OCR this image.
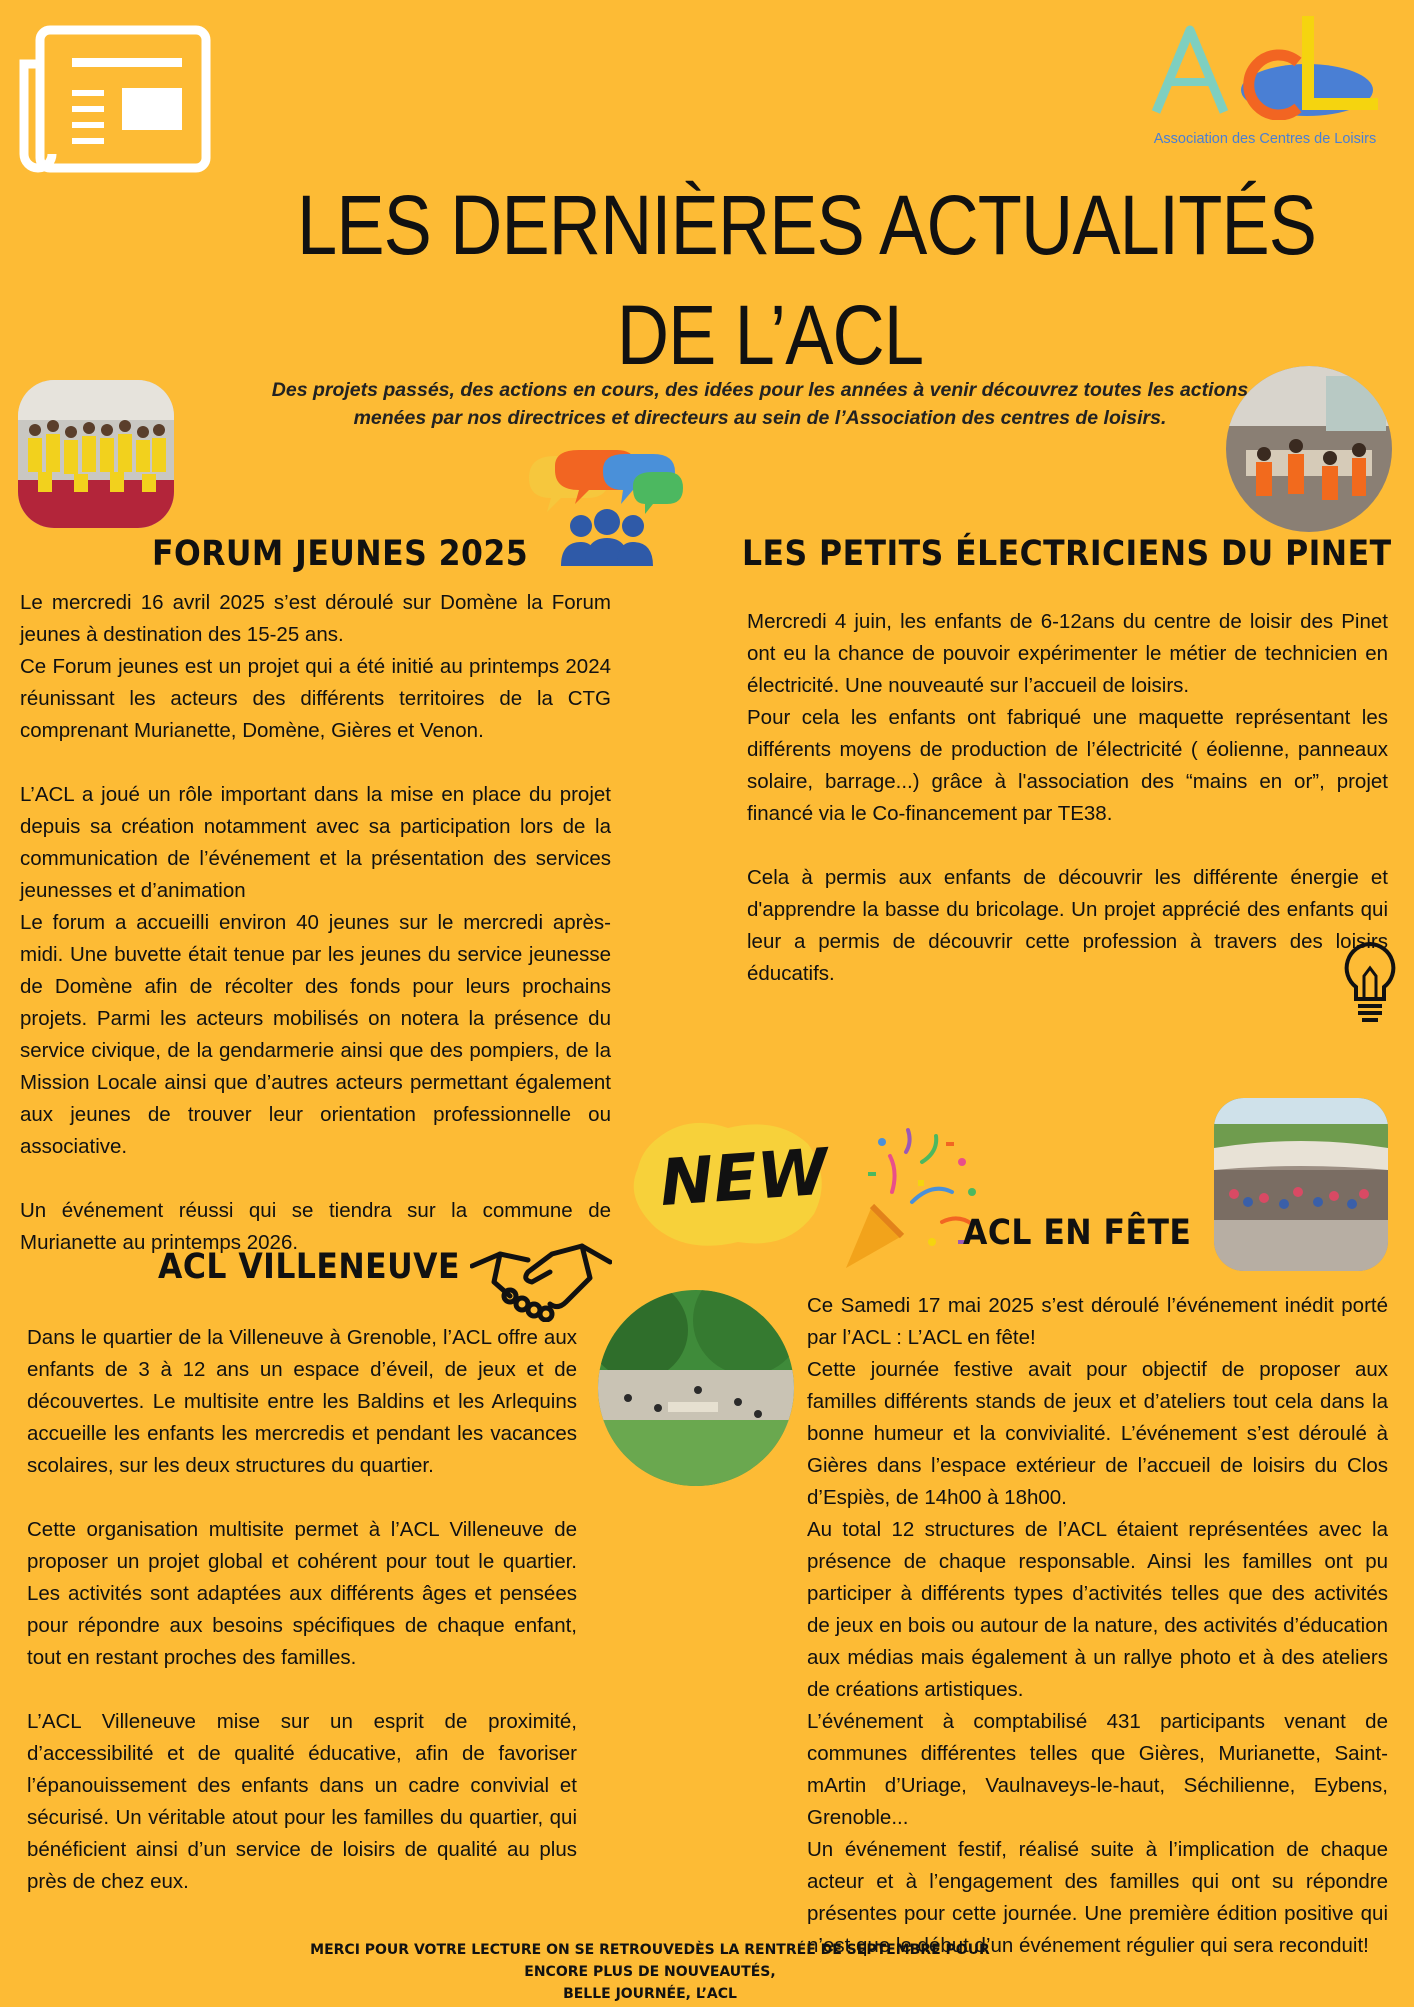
Association des Centres de Loisirs
LES DERNIÈRES ACTUALITÉS
DE L’ACL
Des projets passés, des actions en cours, des idées pour les années à venir découvrez toutes les actions menées par nos directrices et directeurs au sein de l’Association des centres de loisirs.
FORUM JEUNES 2025
Le mercredi 16 avril 2025 s’est déroulé sur Domène la Forum jeunes à destination des 15-25 ans.
Ce Forum jeunes est un projet qui a été initié au printemps 2024 réunissant les acteurs des différents territoires de la CTG comprenant Murianette, Domène, Gières et Venon.

L’ACL a joué un rôle important dans la mise en place du projet depuis sa création notamment avec sa participation lors de la communication de l’événement et la présentation des services jeunesses et d’animation
Le forum a accueilli environ 40 jeunes sur le mercredi après-midi. Une buvette était tenue par les jeunes du service jeunesse de Domène afin de récolter des fonds pour leurs prochains projets. Parmi les acteurs mobilisés on notera la présence du service civique, de la gendarmerie ainsi que des pompiers, de la Mission Locale ainsi que d’autres acteurs permettant également aux jeunes de trouver leur orientation professionnelle ou associative.

Un événement réussi qui se tiendra sur la commune de Murianette au printemps 2026.
LES PETITS ÉLECTRICIENS DU PINET
Mercredi 4 juin, les enfants de 6-12ans du centre de loisir des Pinet ont eu la chance de pouvoir expérimenter le métier de technicien en électricité. Une nouveauté sur l’accueil de loisirs.
Pour cela les enfants ont fabriqué une maquette représentant les différents moyens de production de l’électricité ( éolienne, panneaux solaire, barrage...) grâce à l'association des “mains en or”, projet financé via le Co-financement par TE38.

Cela à permis aux enfants de découvrir les différente énergie et d'apprendre la basse du bricolage. Un projet apprécié des enfants qui leur a permis de découvrir cette profession à travers des loisirs éducatifs.
NEW
ACL EN FÊTE
Ce Samedi 17 mai 2025 s’est déroulé l’événement inédit porté par l’ACL : L’ACL en fête!
Cette journée festive avait pour objectif de proposer aux familles différents stands de jeux et d’ateliers tout cela dans la bonne humeur et la convivialité. L’événement s’est déroulé à Gières dans l’espace extérieur de l’accueil de loisirs du Clos d’Espiès, de 14h00 à 18h00.
Au total 12 structures de l’ACL étaient représentées avec la présence de chaque responsable. Ainsi les familles ont pu participer à différents types d’activités telles que des activités de jeux en bois ou autour de la nature, des activités d’éducation aux médias mais également à un rallye photo et à des ateliers de créations artistiques.
L’événement à comptabilisé 431 participants venant de communes différentes telles que Gières, Murianette, Saint-mArtin d’Uriage, Vaulnaveys-le-haut, Séchilienne, Eybens, Grenoble...
Un événement festif, réalisé suite à l’implication de chaque acteur et à l’engagement des familles qui ont su répondre présentes pour cette journée. Une première édition positive qui n’est que le début d’un événement régulier qui sera reconduit!
ACL VILLENEUVE
Dans le quartier de la Villeneuve à Grenoble, l’ACL offre aux enfants de 3 à 12 ans un espace d’éveil, de jeux et de découvertes. Le multisite entre les Baldins et les Arlequins accueille les enfants les mercredis et pendant les vacances scolaires, sur les deux structures du quartier.

Cette organisation multisite permet à l’ACL Villeneuve de proposer un projet global et cohérent pour tout le quartier. Les activités sont adaptées aux différents âges et pensées pour répondre aux besoins spécifiques de chaque enfant, tout en restant proches des familles.

L’ACL Villeneuve mise sur un esprit de proximité, d’accessibilité et de qualité éducative, afin de favoriser l’épanouissement des enfants dans un cadre convivial et sécurisé. Un véritable atout pour les familles du quartier, qui bénéficient ainsi d’un service de loisirs de qualité au plus près de chez eux.
MERCI POUR VOTRE LECTURE ON SE RETROUVEDÈS LA RENTRÉE DE SEPTEMBRE POUR
ENCORE PLUS DE NOUVEAUTÉS,
BELLE JOURNÉE, L’ACL
